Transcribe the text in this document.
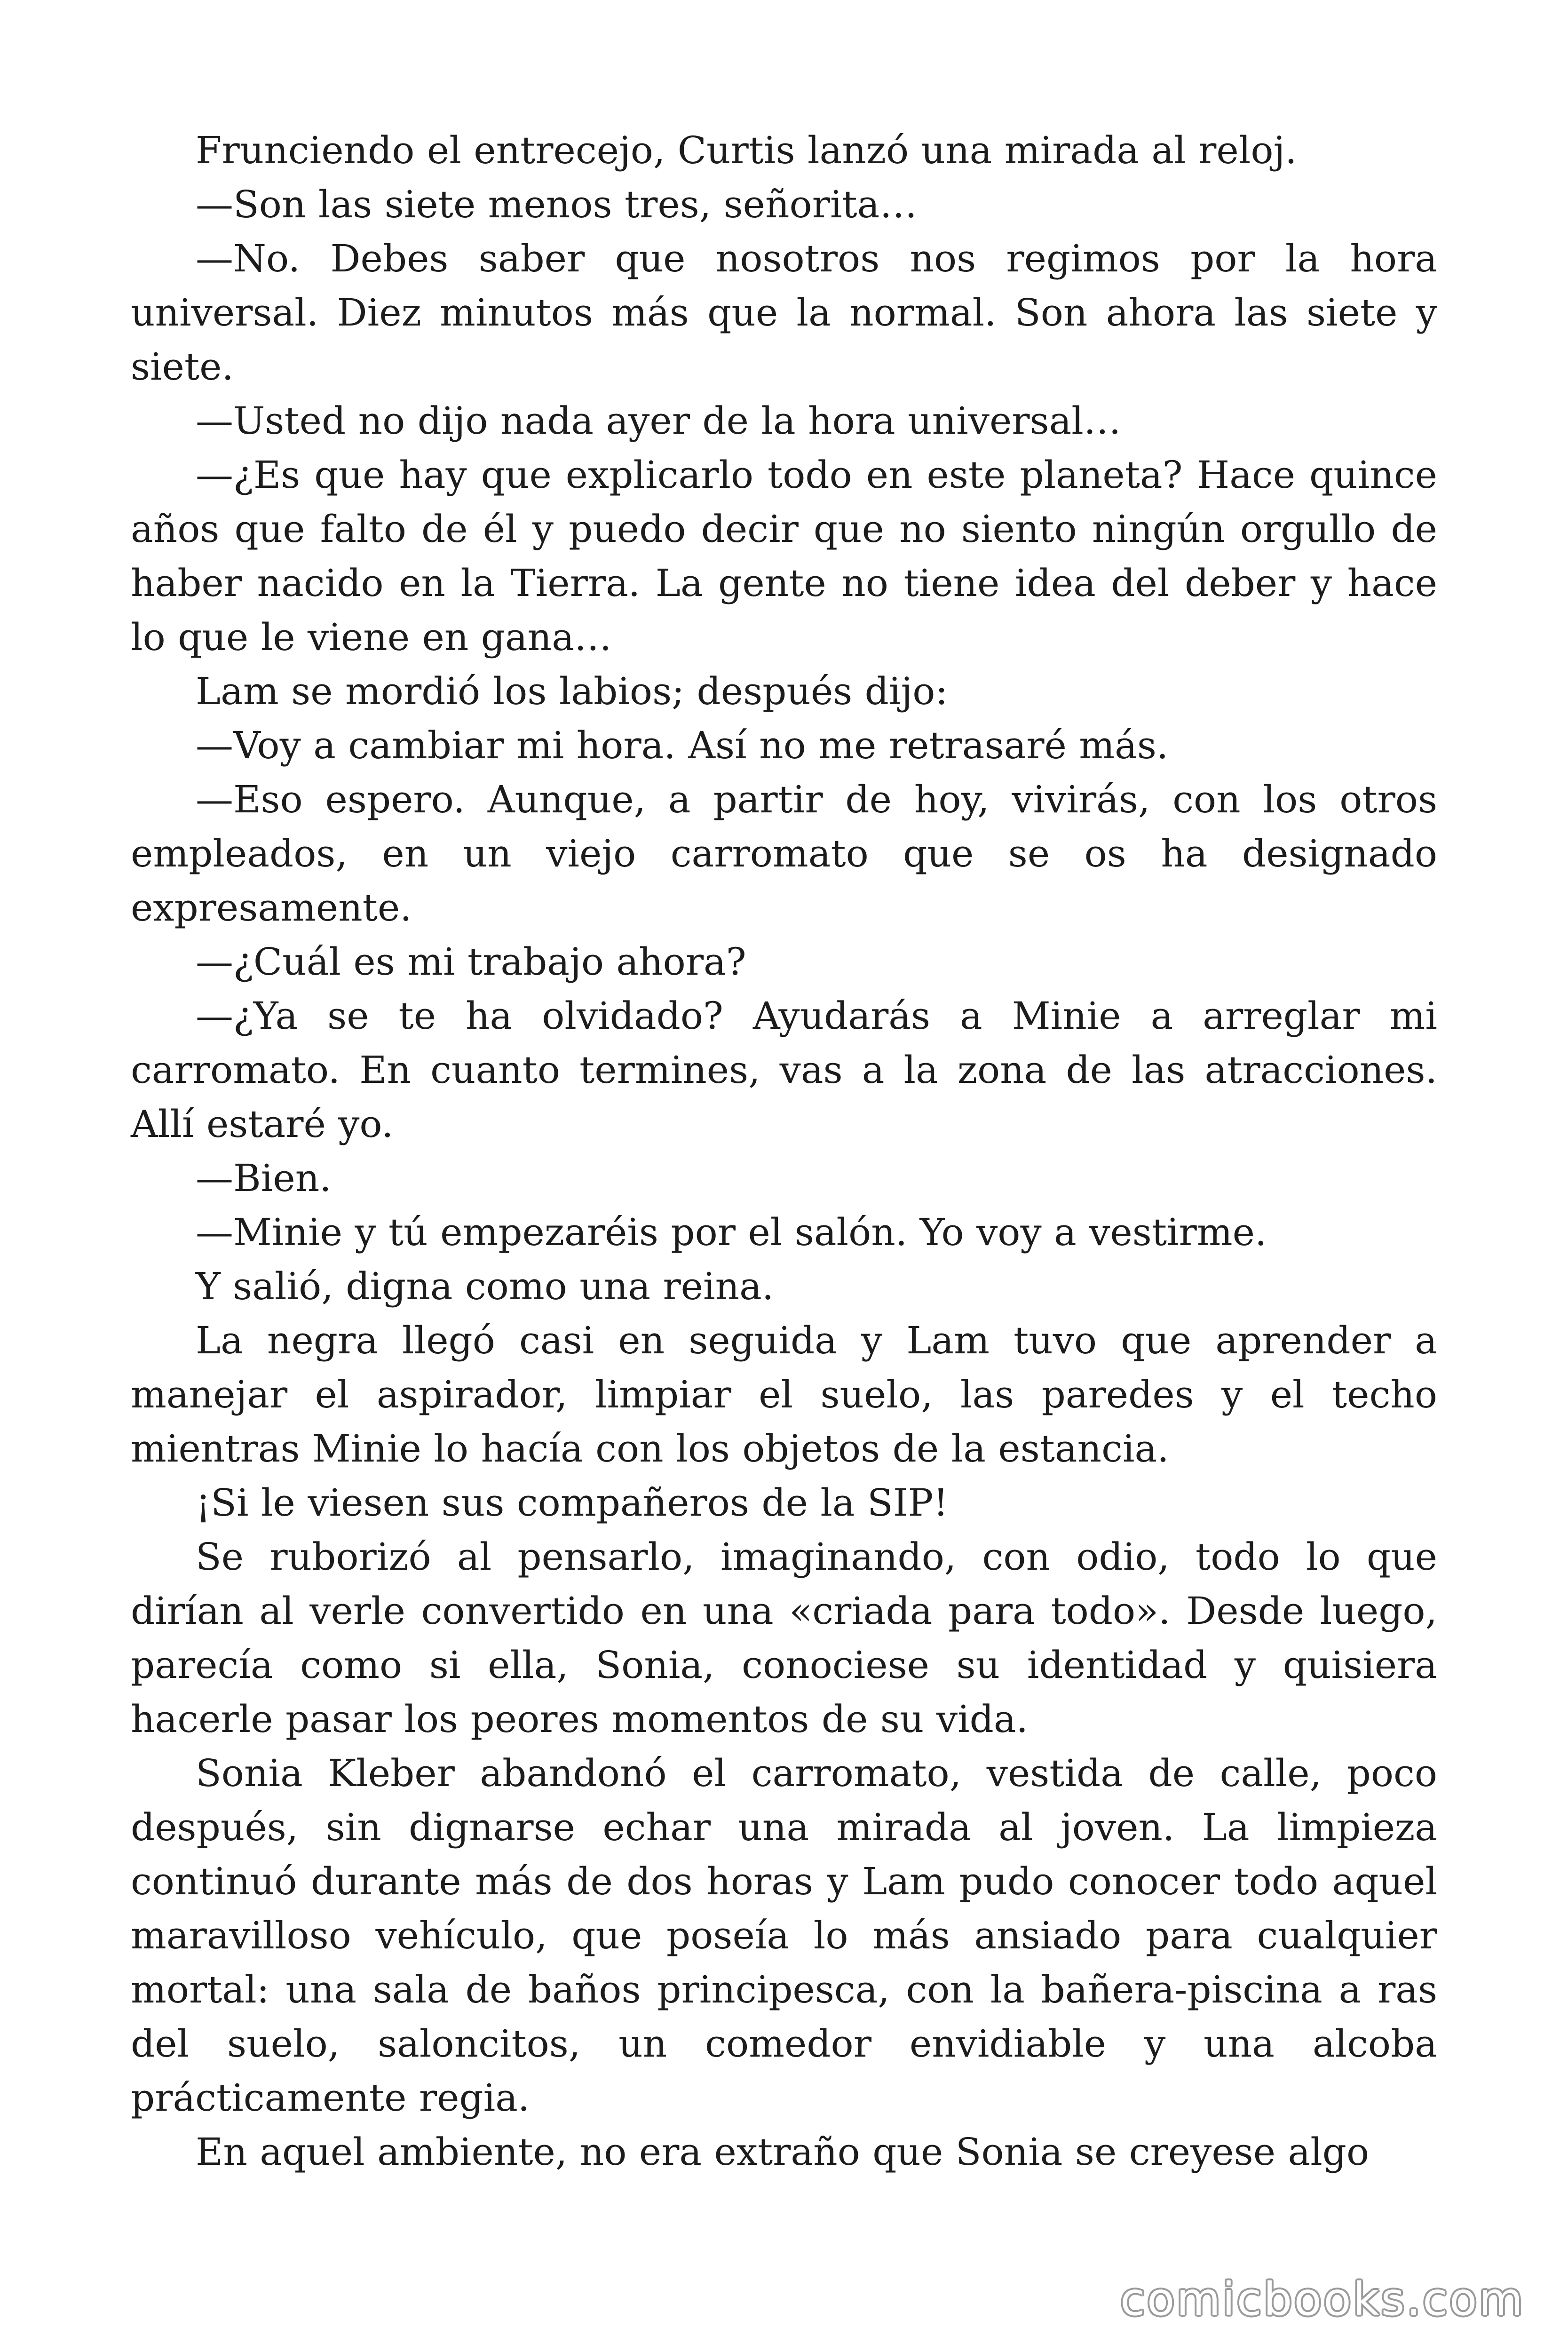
Frunciendo el entrecejo, Curtis lanzó una mirada al reloj.

—Son las siete menos tres, señorita…

—No. Debes saber que nosotros nos regimos por la hora universal. Diez minutos más que la normal. Son ahora las siete y siete.

—Usted no dijo nada ayer de la hora universal…

—¿Es que hay que explicarlo todo en este planeta? Hace quince años que falto de él y puedo decir que no siento ningún orgullo de haber nacido en la Tierra. La gente no tiene idea del deber y hace lo que le viene en gana…

Lam se mordió los labios; después dijo:

—Voy a cambiar mi hora. Así no me retrasaré más.

—Eso espero. Aunque, a partir de hoy, vivirás, con los otros empleados, en un viejo carromato que se os ha designado expresamente.

—¿Cuál es mi trabajo ahora?

—¿Ya se te ha olvidado? Ayudarás a Minie a arreglar mi carromato. En cuanto termines, vas a la zona de las atracciones. Allí estaré yo.

—Bien.

—Minie y tú empezaréis por el salón. Yo voy a vestirme.

Y salió, digna como una reina.

La negra llegó casi en seguida y Lam tuvo que aprender a manejar el aspirador, limpiar el suelo, las paredes y el techo mientras Minie lo hacía con los objetos de la estancia.

¡Si le viesen sus compañeros de la SIP!

Se ruborizó al pensarlo, imaginando, con odio, todo lo que dirían al verle convertido en una «criada para todo». Desde luego, parecía como si ella, Sonia, conociese su identidad y quisiera hacerle pasar los peores momentos de su vida.

Sonia Kleber abandonó el carromato, vestida de calle, poco después, sin dignarse echar una mirada al joven. La limpieza continuó durante más de dos horas y Lam pudo conocer todo aquel maravilloso vehículo, que poseía lo más ansiado para cualquier mortal: una sala de baños principesca, con la bañera-piscina a ras del suelo, saloncitos, un comedor envidiable y una alcoba prácticamente regia.

En aquel ambiente, no era extraño que Sonia se creyese algo

comicbooks.com
